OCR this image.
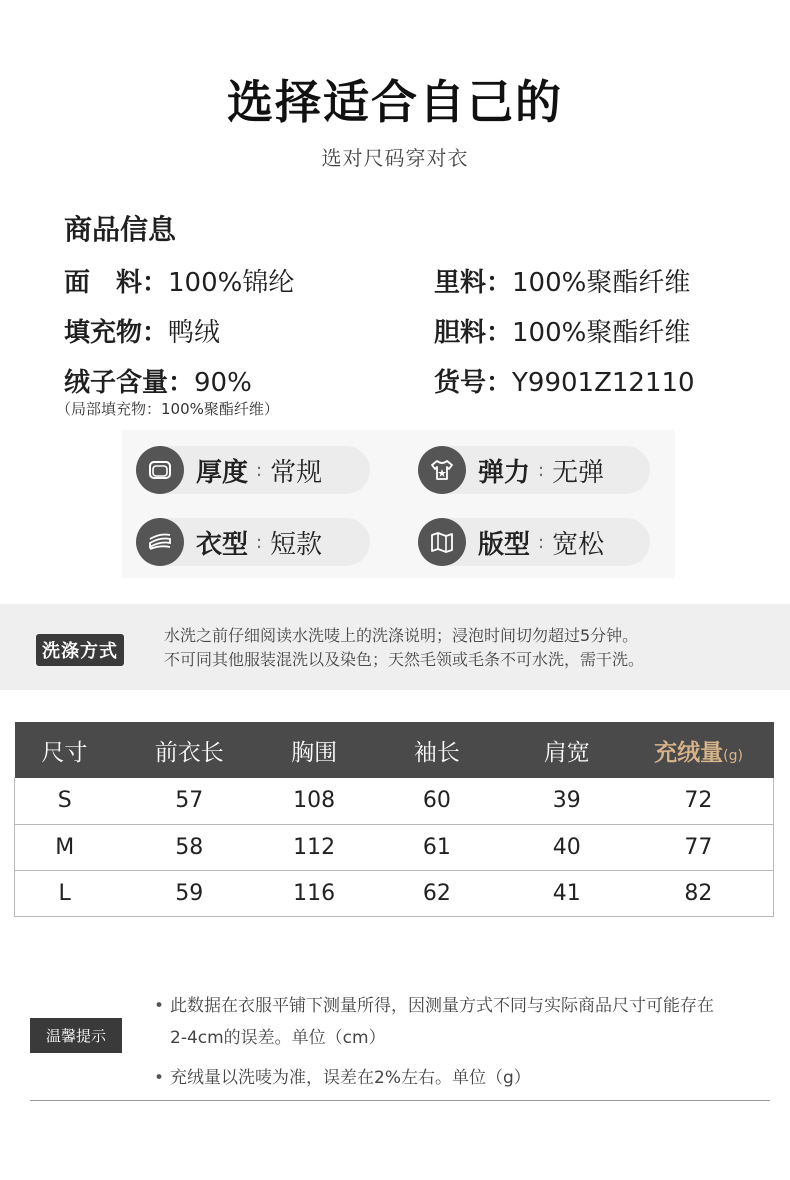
选择适合自己的
选对尺码穿对衣
商品信息
面　料：100%锦纶	里料：100%聚酯纤维
填充物：鸭绒	胆料：100%聚酯纤维
绒子含量：90%	货号：Y9901Z12110
（局部填充物：100%聚酯纤维）
厚度 : 常规	弹力 : 无弹
衣型 : 短款	版型 : 宽松
洗涤方式
水洗之前仔细阅读水洗唛上的洗涤说明；浸泡时间切勿超过5分钟。
不可同其他服装混洗以及染色；天然毛领或毛条不可水洗，需干洗。
尺寸	前衣长	胸围	袖长	肩宽	充绒量(g)
S	57	108	60	39	72
M	58	112	61	40	77
L	59	116	62	41	82
温馨提示
• 此数据在衣服平铺下测量所得，因测量方式不同与实际商品尺寸可能存在
2-4cm的误差。单位（cm）
• 充绒量以洗唛为准，误差在2%左右。单位（g）
